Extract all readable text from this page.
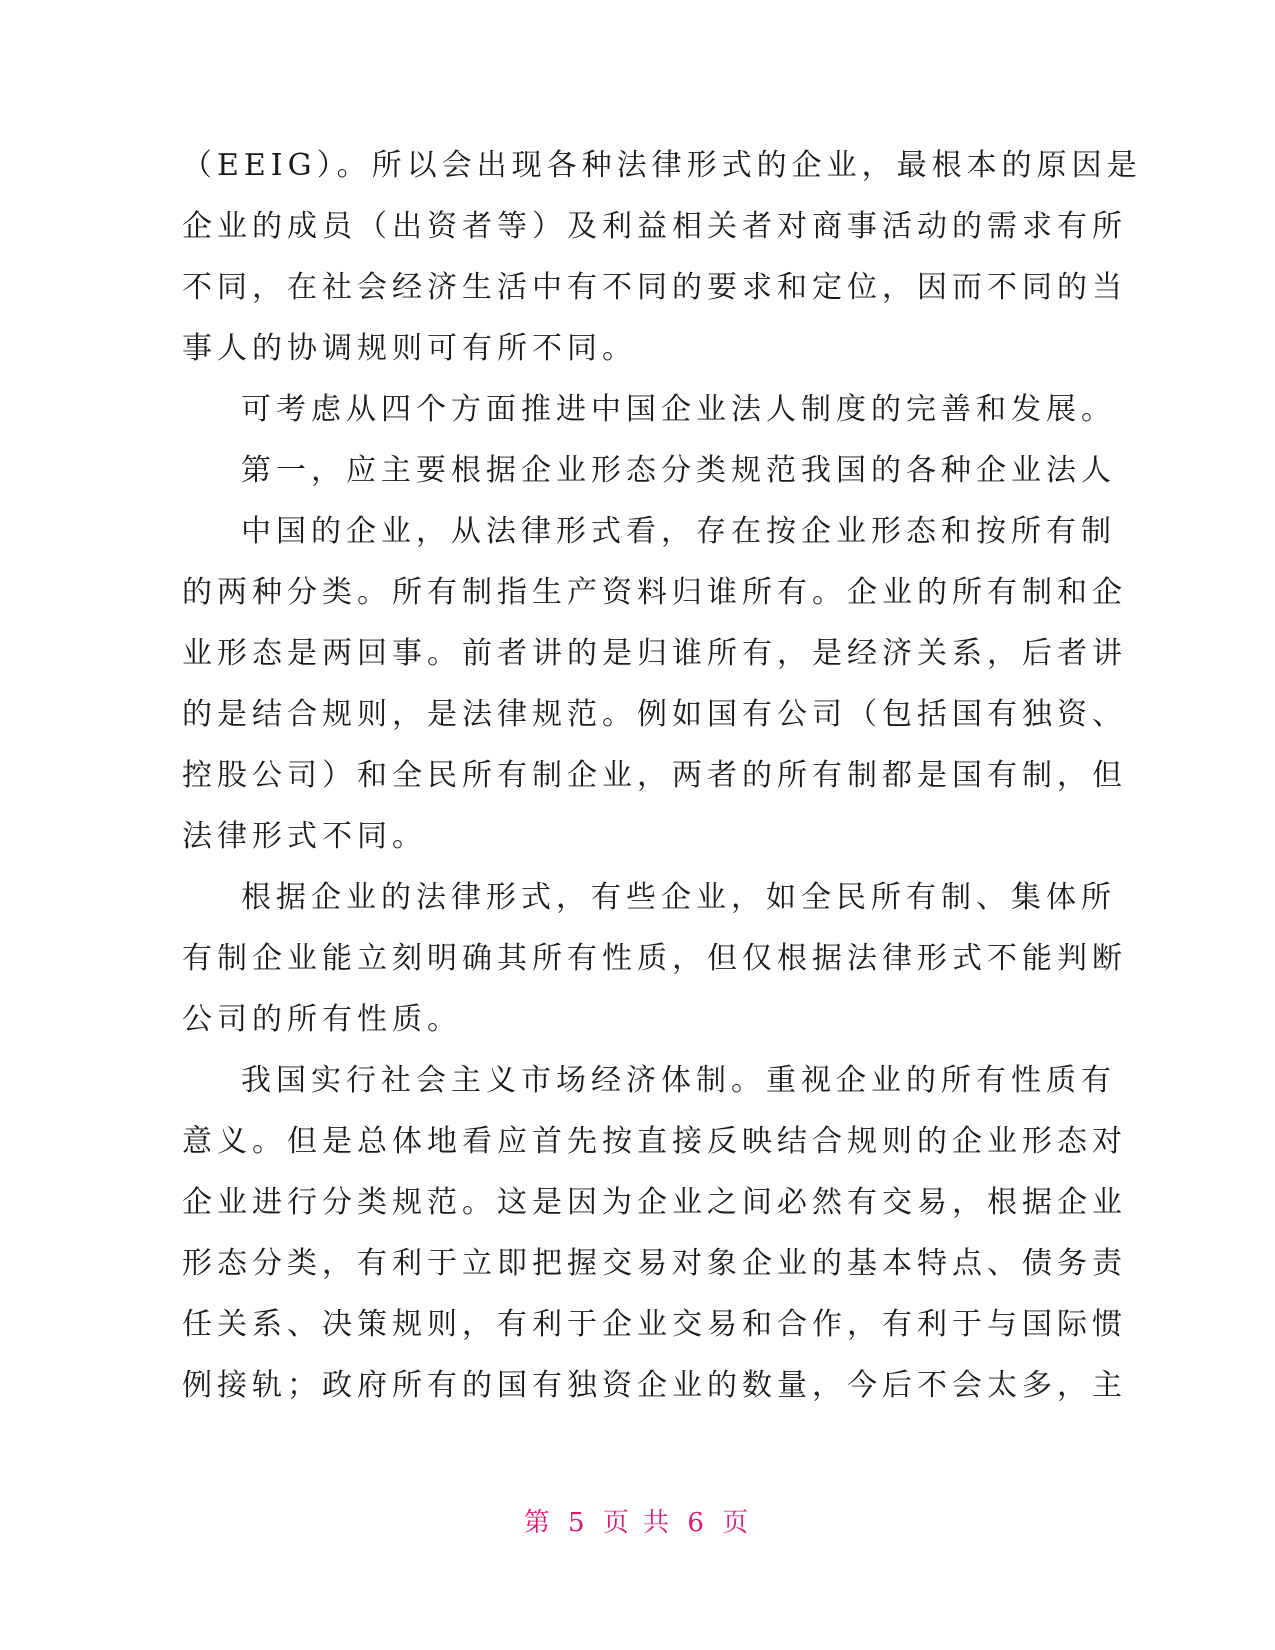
（EEIG）。所以会出现各种法律形式的企业，最根本的原因是
企业的成员（出资者等）及利益相关者对商事活动的需求有所
不同，在社会经济生活中有不同的要求和定位，因而不同的当
事人的协调规则可有所不同。
可考虑从四个方面推进中国企业法人制度的完善和发展。
第一，应主要根据企业形态分类规范我国的各种企业法人
中国的企业，从法律形式看，存在按企业形态和按所有制
的两种分类。所有制指生产资料归谁所有。企业的所有制和企
业形态是两回事。前者讲的是归谁所有，是经济关系，后者讲
的是结合规则，是法律规范。例如国有公司（包括国有独资、
控股公司）和全民所有制企业，两者的所有制都是国有制，但
法律形式不同。
根据企业的法律形式，有些企业，如全民所有制、集体所
有制企业能立刻明确其所有性质，但仅根据法律形式不能判断
公司的所有性质。
我国实行社会主义市场经济体制。重视企业的所有性质有
意义。但是总体地看应首先按直接反映结合规则的企业形态对
企业进行分类规范。这是因为企业之间必然有交易，根据企业
形态分类，有利于立即把握交易对象企业的基本特点、债务责
任关系、决策规则，有利于企业交易和合作，有利于与国际惯
例接轨；政府所有的国有独资企业的数量，今后不会太多，主
第 5 页 共 6 页
